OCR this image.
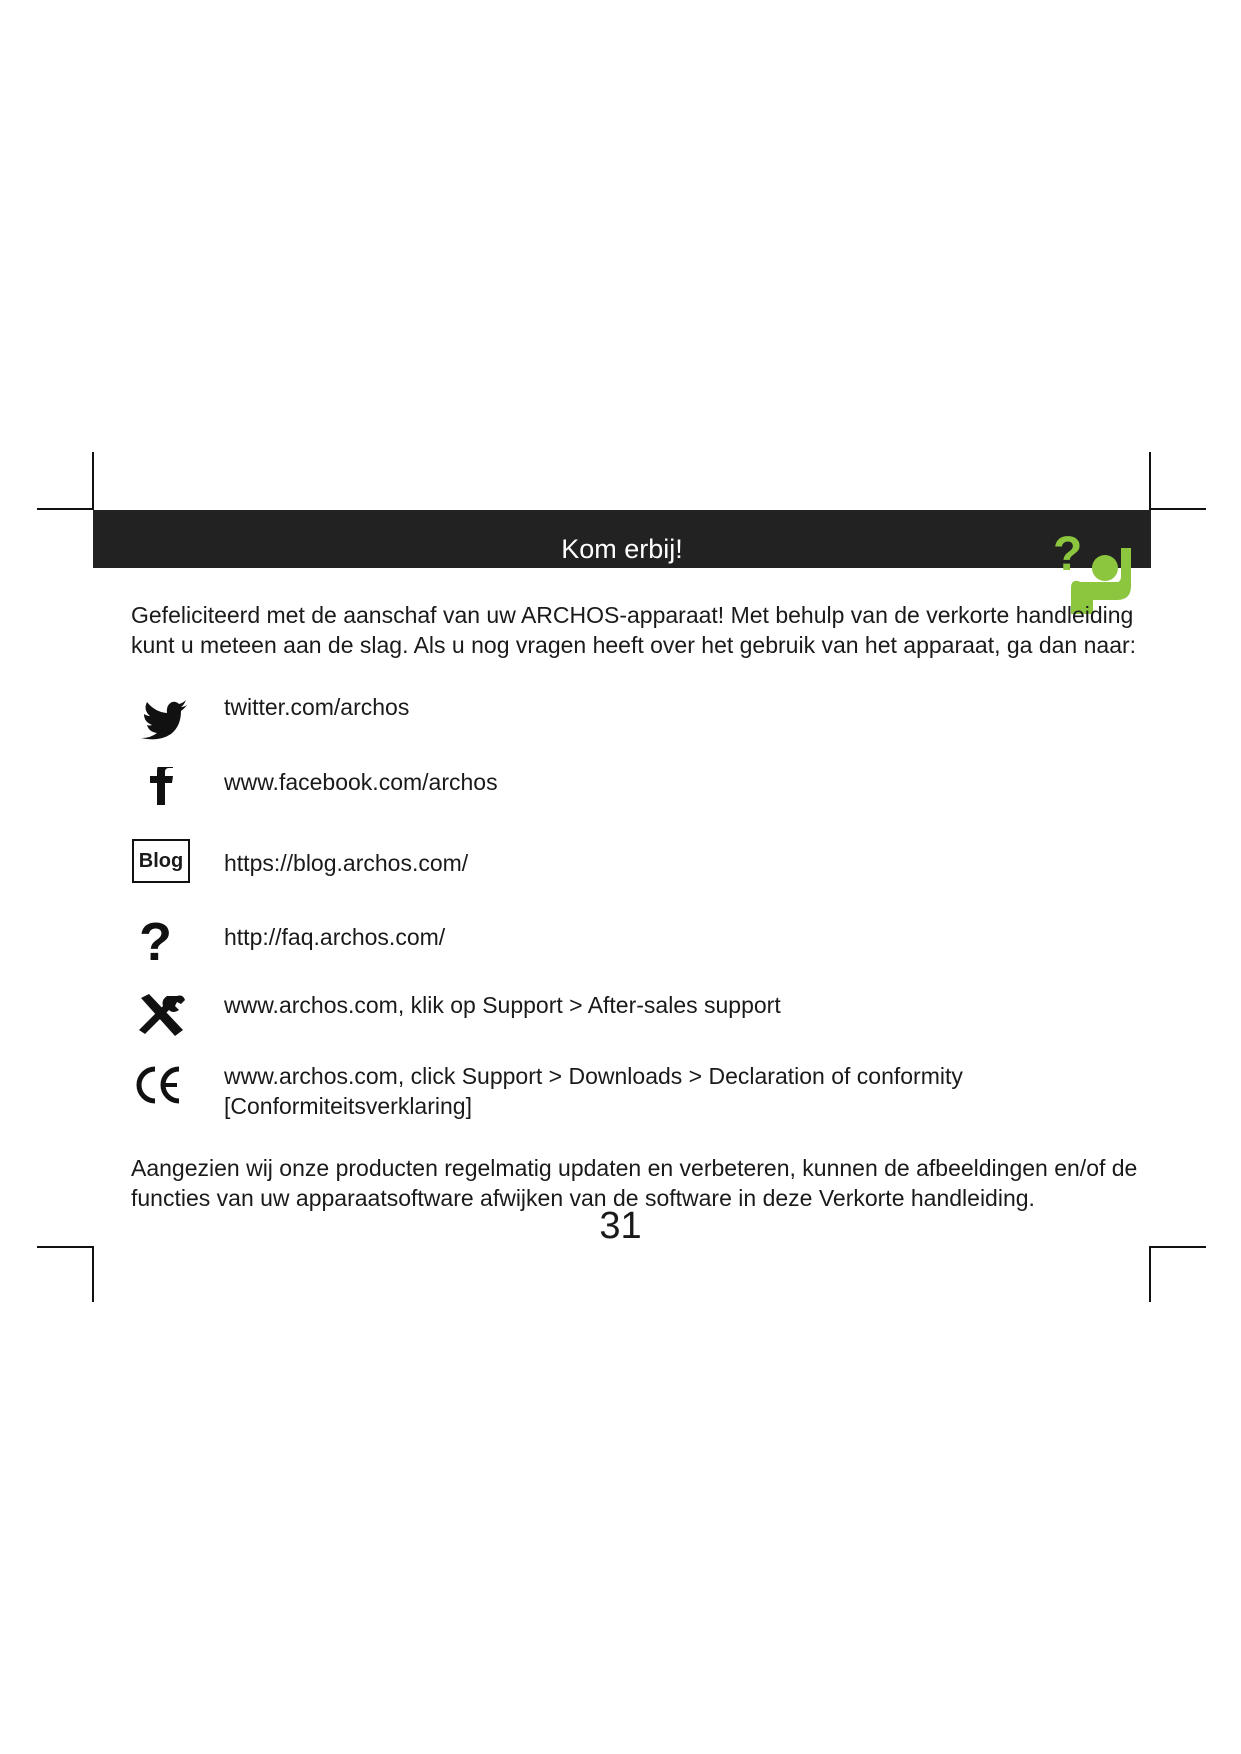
Kom erbij!	?

Gefeliciteerd met de aanschaf van uw ARCHOS-apparaat! Met behulp van de verkorte handleiding kunt u meteen aan de slag. Als u nog vragen heeft over het gebruik van het apparaat, ga dan naar:

twitter.com/archos
www.facebook.com/archos
Blog https://blog.archos.com/
? http://faq.archos.com/
www.archos.com, klik op Support > After-sales support
www.archos.com, click Support > Downloads > Declaration of conformity [Conformiteitsverklaring]

Aangezien wij onze producten regelmatig updaten en verbeteren, kunnen de afbeeldingen en/of de functies van uw apparaatsoftware afwijken van de software in deze Verkorte handleiding.

31
